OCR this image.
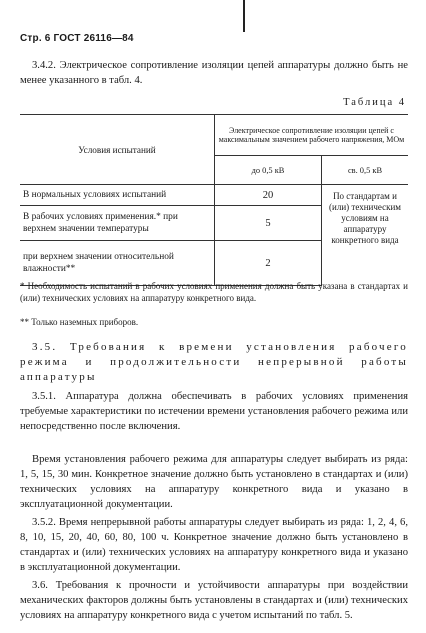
Стр. 6 ГОСТ 26116—84
3.4.2. Электрическое сопротивление изоляции цепей аппаратуры должно быть не менее указанного в табл. 4.
Таблица 4
Условия испытаний	Электрическое сопротивление изоляции цепей с максимальным значением рабочего напряжения, МОм	
	до 0,5 кВ	св. 0,5 кВ
В нормальных условиях испытаний	20	По стандартам и (или) техническим условиям на аппаратуру конкретного вида
В рабочих условиях применения.* при верхнем значении температуры	5	
при верхнем значении относительной влажности**	2	
* Необходимость испытаний в рабочих условиях применения должна быть указана в стандартах и (или) технических условиях на аппаратуру конкретного вида.
** Только наземных приборов.
3.5. Требования к времени установления рабочего режима и продолжительности непрерывной работы аппаратуры
3.5.1. Аппаратура должна обеспечивать в рабочих условиях применения требуемые характеристики по истечении времени установления рабочего режима или непосредственно после включения.
Время установления рабочего режима для аппаратуры следует выбирать из ряда: 1, 5, 15, 30 мин. Конкретное значение должно быть установлено в стандартах и (или) технических условиях на аппаратуру конкретного вида и указано в эксплуатационной документации.
3.5.2. Время непрерывной работы аппаратуры следует выбирать из ряда: 1, 2, 4, 6, 8, 10, 15, 20, 40, 60, 80, 100 ч. Конкретное значение должно быть установлено в стандартах и (или) технических условиях на аппаратуру конкретного вида и указано в эксплуатационной документации.
3.6. Требования к прочности и устойчивости аппаратуры при воздействии механических факторов должны быть установлены в стандартах и (или) технических условиях на аппаратуру конкретного вида с учетом испытаний по табл. 5.
